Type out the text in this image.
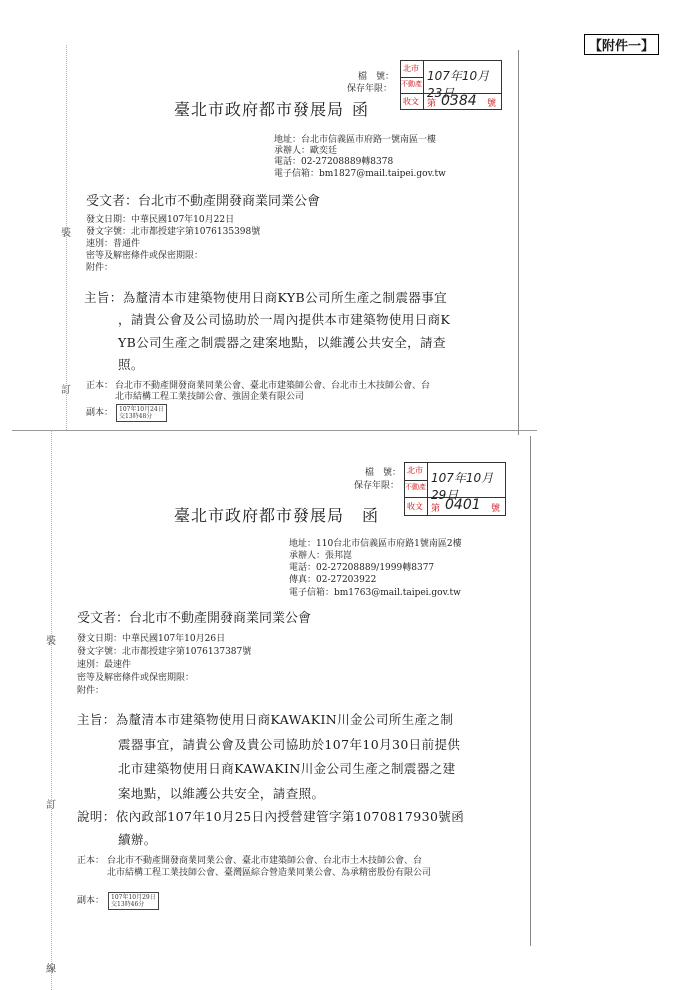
【附件一】
裝
訂
檔　號：
保存年限：
北市
不動產
收文
107年10月23日
第 0384 號
臺北市政府都市發展局 函
地址：台北市信義區市府路一號南區一樓
承辦人：歐奕廷
電話：02-27208889轉8378
電子信箱：bm1827@mail.taipei.gov.tw
受文者：台北市不動產開發商業同業公會
發文日期：中華民國107年10月22日
發文字號：北市都授建字第1076135398號
速別：普通件
密等及解密條件或保密期限：
附件：
主旨：為釐清本市建築物使用日商KYB公司所生產之制震器事宜
，請貴公會及公司協助於一周內提供本市建築物使用日商K
YB公司生產之制震器之建案地點，以維護公共安全，請查
照。
正本： 台北市不動產開發商業同業公會、臺北市建築師公會、台北市土木技師公會、台
北市結構工程工業技師公會、強固企業有限公司
副本： 107年10月24日
交13時48分
裝
訂
線
檔　號：
保存年限：
北市
不動產
收文
107年10月29日
第 0401 號
臺北市政府都市發展局 函
地址：110台北市信義區市府路1號南區2樓
承辦人：張邦崑
電話：02-27208889/1999轉8377
傳真：02-27203922
電子信箱：bm1763@mail.taipei.gov.tw
受文者：台北市不動產開發商業同業公會
發文日期：中華民國107年10月26日
發文字號：北市都授建字第1076137387號
速別：最速件
密等及解密條件或保密期限：
附件：
主旨：為釐清本市建築物使用日商KAWAKIN川金公司所生產之制
震器事宜，請貴公會及貴公司協助於107年10月30日前提供
北市建築物使用日商KAWAKIN川金公司生產之制震器之建
案地點，以維護公共安全，請查照。
說明：依內政部107年10月25日內授營建管字第1070817930號函
續辦。
正本： 台北市不動產開發商業同業公會、臺北市建築師公會、台北市土木技師公會、台
北市結構工程工業技師公會、臺灣區綜合營造業同業公會、為承精密股份有限公司
副本： 107年10月29日
交13時46分
